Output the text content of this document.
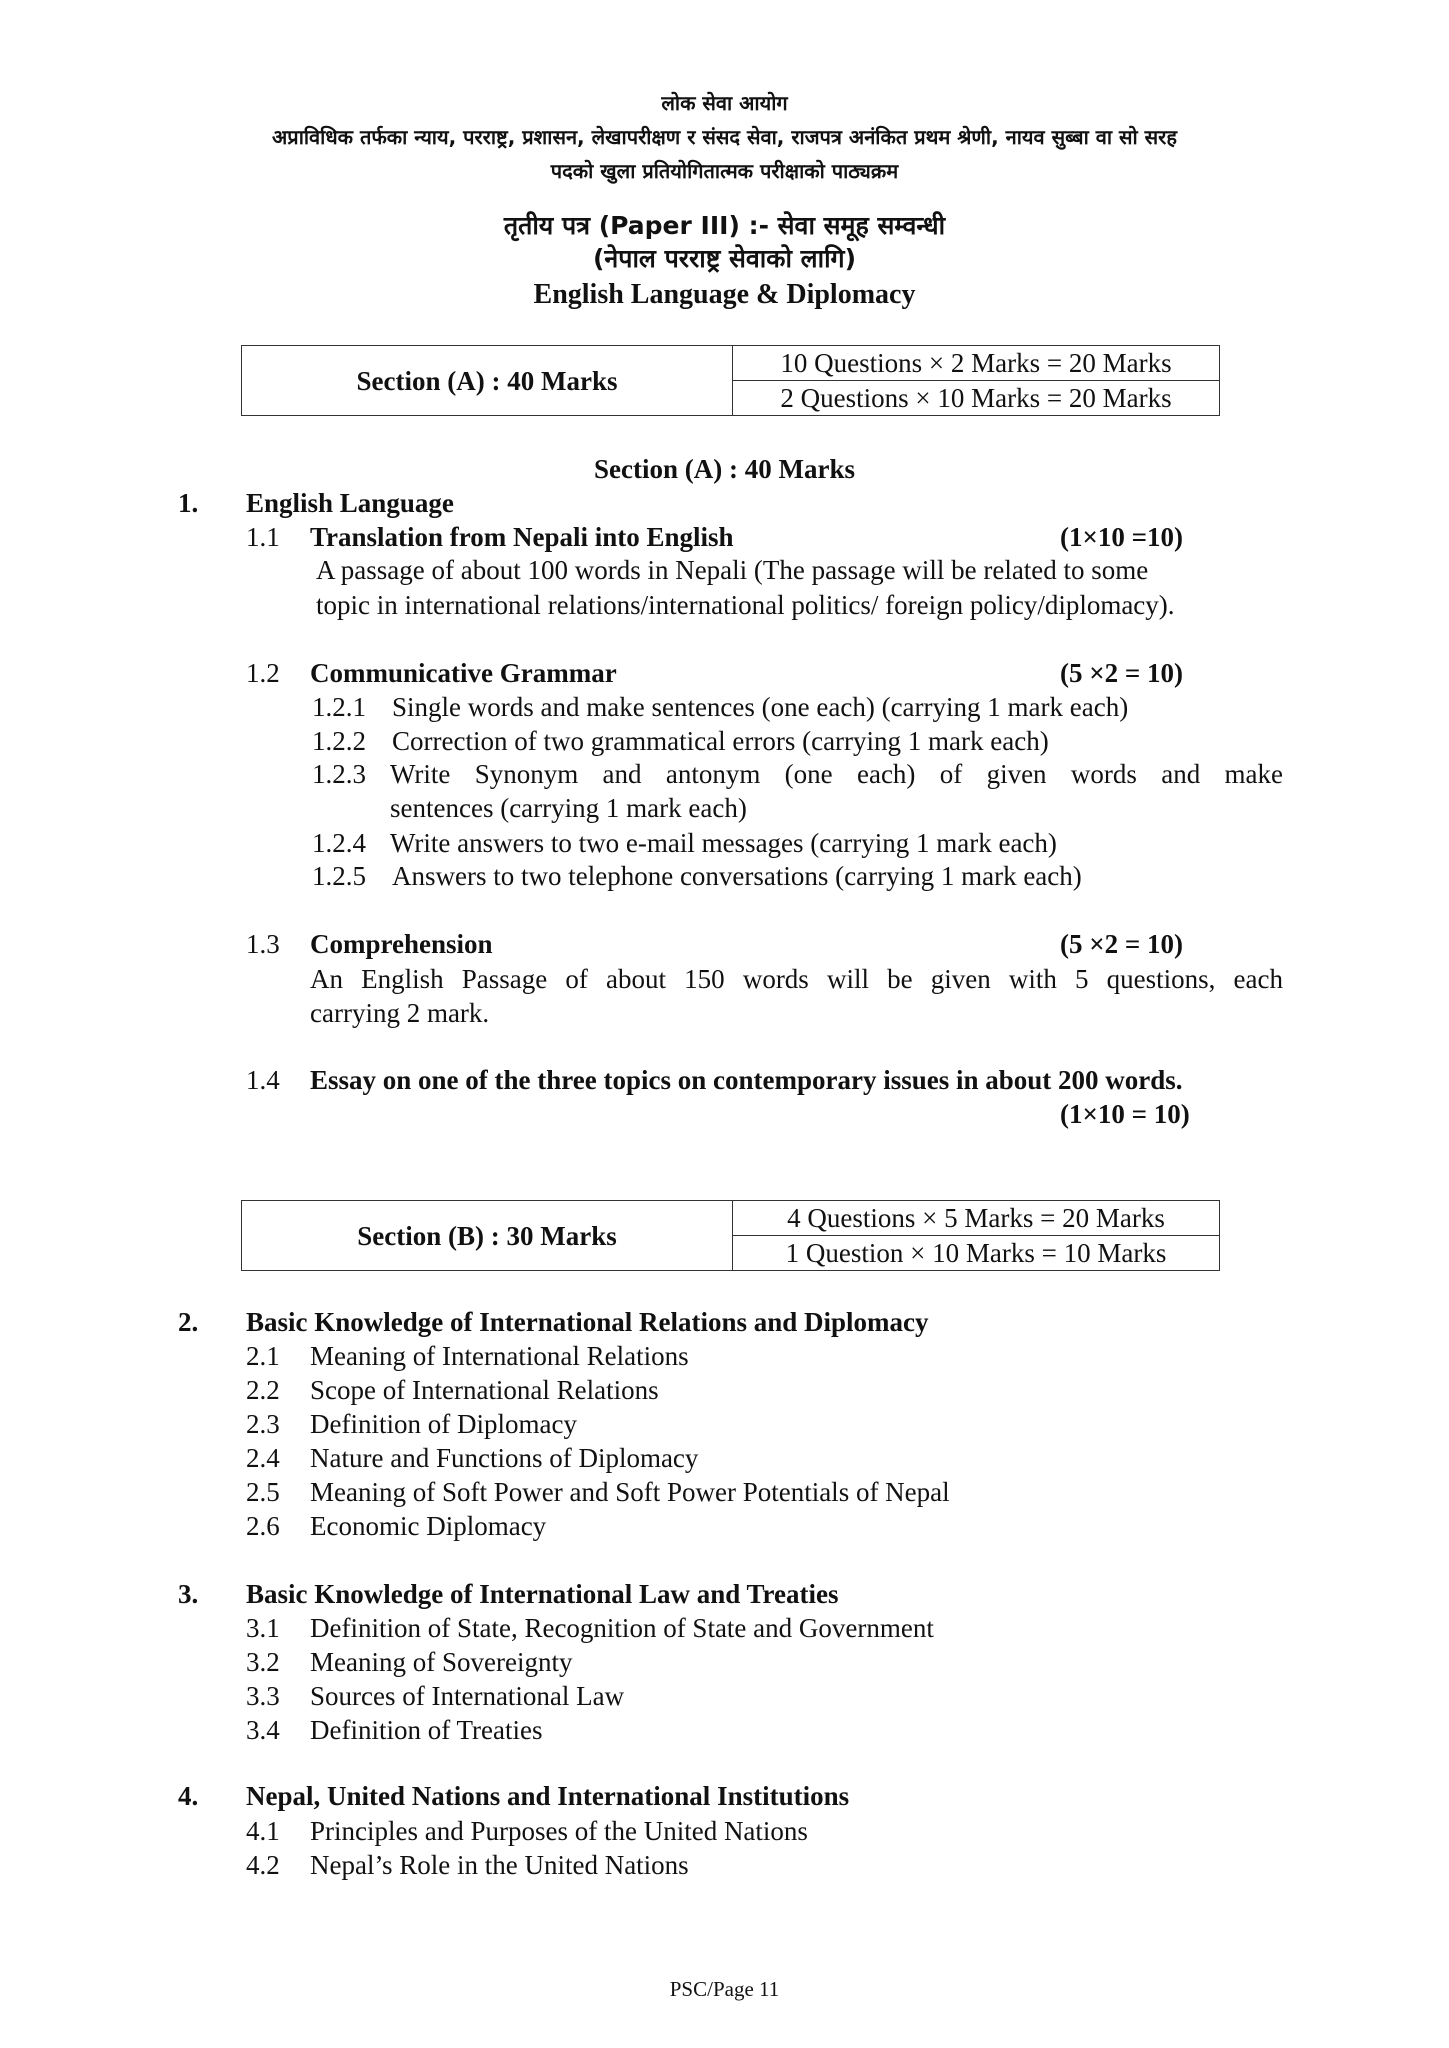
लोक सेवा आयोग
अप्राविधिक तर्फका न्याय, परराष्ट्र, प्रशासन, लेखापरीक्षण र संसद सेवा, राजपत्र अनंकित प्रथम श्रेणी, नायव सुब्बा वा सो सरह
पदको खुला प्रतियोगितात्मक परीक्षाको पाठ्यक्रम
तृतीय पत्र (Paper III) :- सेवा समूह सम्वन्धी
(नेपाल परराष्ट्र सेवाको लागि)
English Language & Diplomacy
Section (A) : 40 Marks	10 Questions × 2 Marks = 20 Marks
2 Questions × 10 Marks = 20 Marks
Section (A) : 40 Marks
1. English Language
1.1 Translation from Nepali into English	(1×10 =10)
A passage of about 100 words in Nepali (The passage will be related to some
topic in international relations/international politics/ foreign policy/diplomacy).
1.2 Communicative Grammar	(5 ×2 = 10)
1.2.1 Single words and make sentences (one each) (carrying 1 mark each)
1.2.2 Correction of two grammatical errors (carrying 1 mark each)
1.2.3 Write Synonym and antonym (one each) of given words and make
sentences (carrying 1 mark each)
1.2.4 Write answers to two e-mail messages (carrying 1 mark each)
1.2.5 Answers to two telephone conversations (carrying 1 mark each)
1.3 Comprehension	(5 ×2 = 10)
An English Passage of about 150 words will be given with 5 questions, each
carrying 2 mark.
1.4 Essay on one of the three topics on contemporary issues in about 200 words.
(1×10 = 10)
Section (B) : 30 Marks	4 Questions × 5 Marks = 20 Marks
1 Question × 10 Marks = 10 Marks
2. Basic Knowledge of International Relations and Diplomacy
2.1 Meaning of International Relations
2.2 Scope of International Relations
2.3 Definition of Diplomacy
2.4 Nature and Functions of Diplomacy
2.5 Meaning of Soft Power and Soft Power Potentials of Nepal
2.6 Economic Diplomacy
3. Basic Knowledge of International Law and Treaties
3.1 Definition of State, Recognition of State and Government
3.2 Meaning of Sovereignty
3.3 Sources of International Law
3.4 Definition of Treaties
4. Nepal, United Nations and International Institutions
4.1 Principles and Purposes of the United Nations
4.2 Nepal’s Role in the United Nations
PSC/Page 11
